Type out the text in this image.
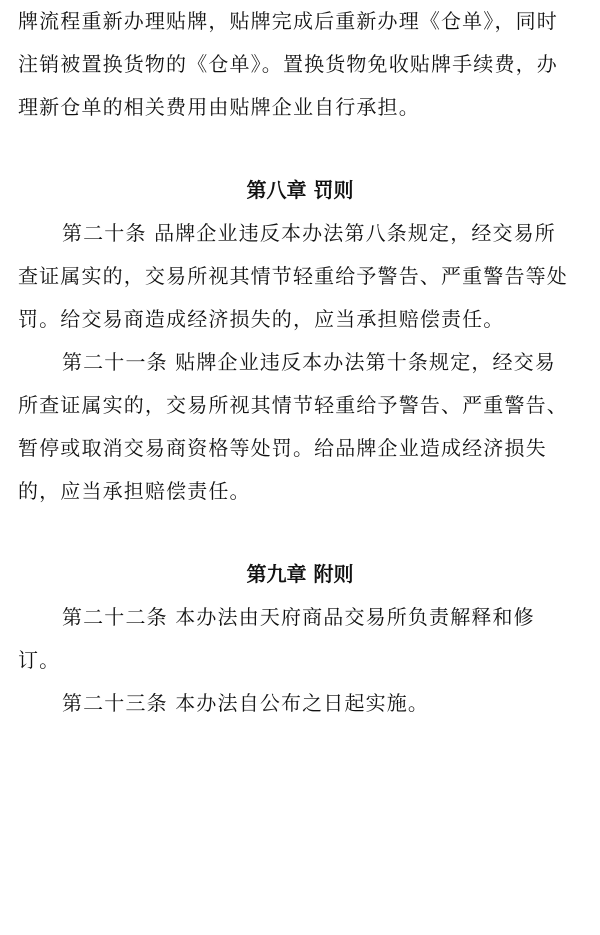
牌流程重新办理贴牌，贴牌完成后重新办理《仓单》，同时
注销被置换货物的《仓单》。置换货物免收贴牌手续费，办
理新仓单的相关费用由贴牌企业自行承担。
第八章 罚则
第二十条 品牌企业违反本办法第八条规定，经交易所
查证属实的，交易所视其情节轻重给予警告、严重警告等处
罚。给交易商造成经济损失的，应当承担赔偿责任。
第二十一条 贴牌企业违反本办法第十条规定，经交易
所查证属实的，交易所视其情节轻重给予警告、严重警告、
暂停或取消交易商资格等处罚。给品牌企业造成经济损失
的，应当承担赔偿责任。
第九章 附则
第二十二条 本办法由天府商品交易所负责解释和修
订。
第二十三条 本办法自公布之日起实施。
